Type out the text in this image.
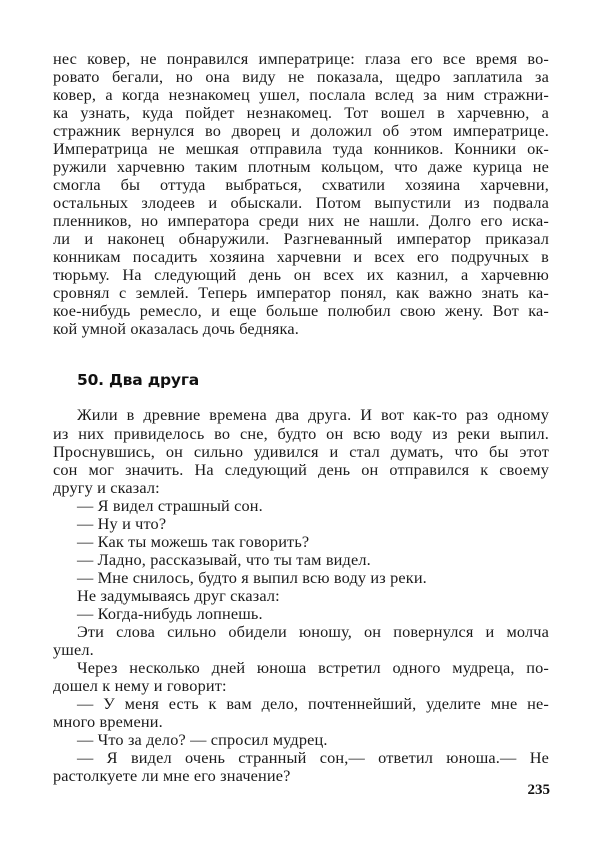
нес ковер, не понравился императрице: глаза его все время во-
ровато бегали, но она виду не показала, щедро заплатила за
ковер, а когда незнакомец ушел, послала вслед за ним стражни-
ка узнать, куда пойдет незнакомец. Тот вошел в харчевню, а
стражник вернулся во дворец и доложил об этом императрице.
Императрица не мешкая отправила туда конников. Конники ок-
ружили харчевню таким плотным кольцом, что даже курица не
смогла бы оттуда выбраться, схватили хозяина харчевни,
остальных злодеев и обыскали. Потом выпустили из подвала
пленников, но императора среди них не нашли. Долго его иска-
ли и наконец обнаружили. Разгневанный император приказал
конникам посадить хозяина харчевни и всех его подручных в
тюрьму. На следующий день он всех их казнил, а харчевню
сровнял с землей. Теперь император понял, как важно знать ка-
кое-нибудь ремесло, и еще больше полюбил свою жену. Вот ка-
кой умной оказалась дочь бедняка.
50. Два друга
Жили в древние времена два друга. И вот как-то раз одному
из них привиделось во сне, будто он всю воду из реки выпил.
Проснувшись, он сильно удивился и стал думать, что бы этот
сон мог значить. На следующий день он отправился к своему
другу и сказал:
— Я видел страшный сон.
— Ну и что?
— Как ты можешь так говорить?
— Ладно, рассказывай, что ты там видел.
— Мне снилось, будто я выпил всю воду из реки.
Не задумываясь друг сказал:
— Когда-нибудь лопнешь.
Эти слова сильно обидели юношу, он повернулся и молча
ушел.
Через несколько дней юноша встретил одного мудреца, по-
дошел к нему и говорит:
— У меня есть к вам дело, почтеннейший, уделите мне не-
много времени.
— Что за дело? — спросил мудрец.
— Я видел очень странный сон,— ответил юноша.— Не
растолкуете ли мне его значение?
235
